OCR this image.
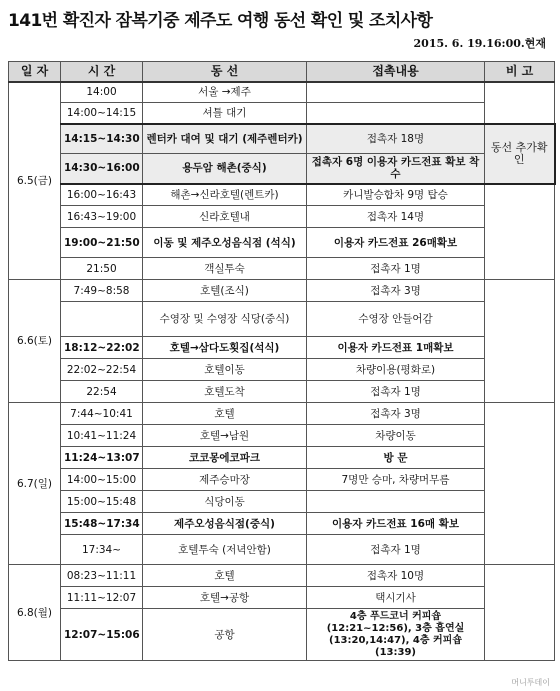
141번 확진자 잠복기중 제주도 여행 동선 확인 및 조치사항
2015. 6. 19.16:00.현재
일 자	시 간	동 선	접촉내용	비 고
6.5(금)	14:00	서울 →제주		
	14:00~14:15	셔틀 대기		
	14:15~14:30	렌터카 대여 및 대기 (제주렌터카)	접촉자 18명	동선 추가확인
	14:30~16:00	용두암 해촌(중식)	접촉자 6명 이용자 카드전표 확보 착수	
	16:00~16:43	해촌→신라호텔(렌트카)	카니발승합차 9명 탑승	
	16:43~19:00	신라호텔내	접촉자 14명	
	19:00~21:50	이동 및 제주오성음식점 (석식)	이용자 카드전표 26매확보	
	21:50	객실투숙	접촉자 1명	
6.6(토)	7:49~8:58	호텔(조식)	접촉자 3명	
		수영장 및 수영장 식당(중식)	수영장 안들어감	
	18:12~22:02	호텔→삼다도횟집(석식)	이용자 카드전표 1매확보	
	22:02~22:54	호텔이동	차량이용(평화로)	
	22:54	호텔도착	접촉자 1명	
6.7(일)	7:44~10:41	호텔	접촉자 3명	
	10:41~11:24	호텔→남원	차량이동	
	11:24~13:07	코코몽에코파크	방 문	
	14:00~15:00	제주승마장	7명만 승마, 차량머무름	
	15:00~15:48	식당이동		
	15:48~17:34	제주오성음식점(중식)	이용자 카드전표 16매 확보	
	17:34~	호텔투숙 (저녁안함)	접촉자 1명	
6.8(월)	08:23~11:11	호텔	접촉자 10명	
	11:11~12:07	호텔→공항	택시기사	
	12:07~15:06	공항	4층 푸드코너 커피숍(12:21~12:56), 3층 흡연실(13:20,14:47), 4층 커피숍(13:39)	
머니투데이
